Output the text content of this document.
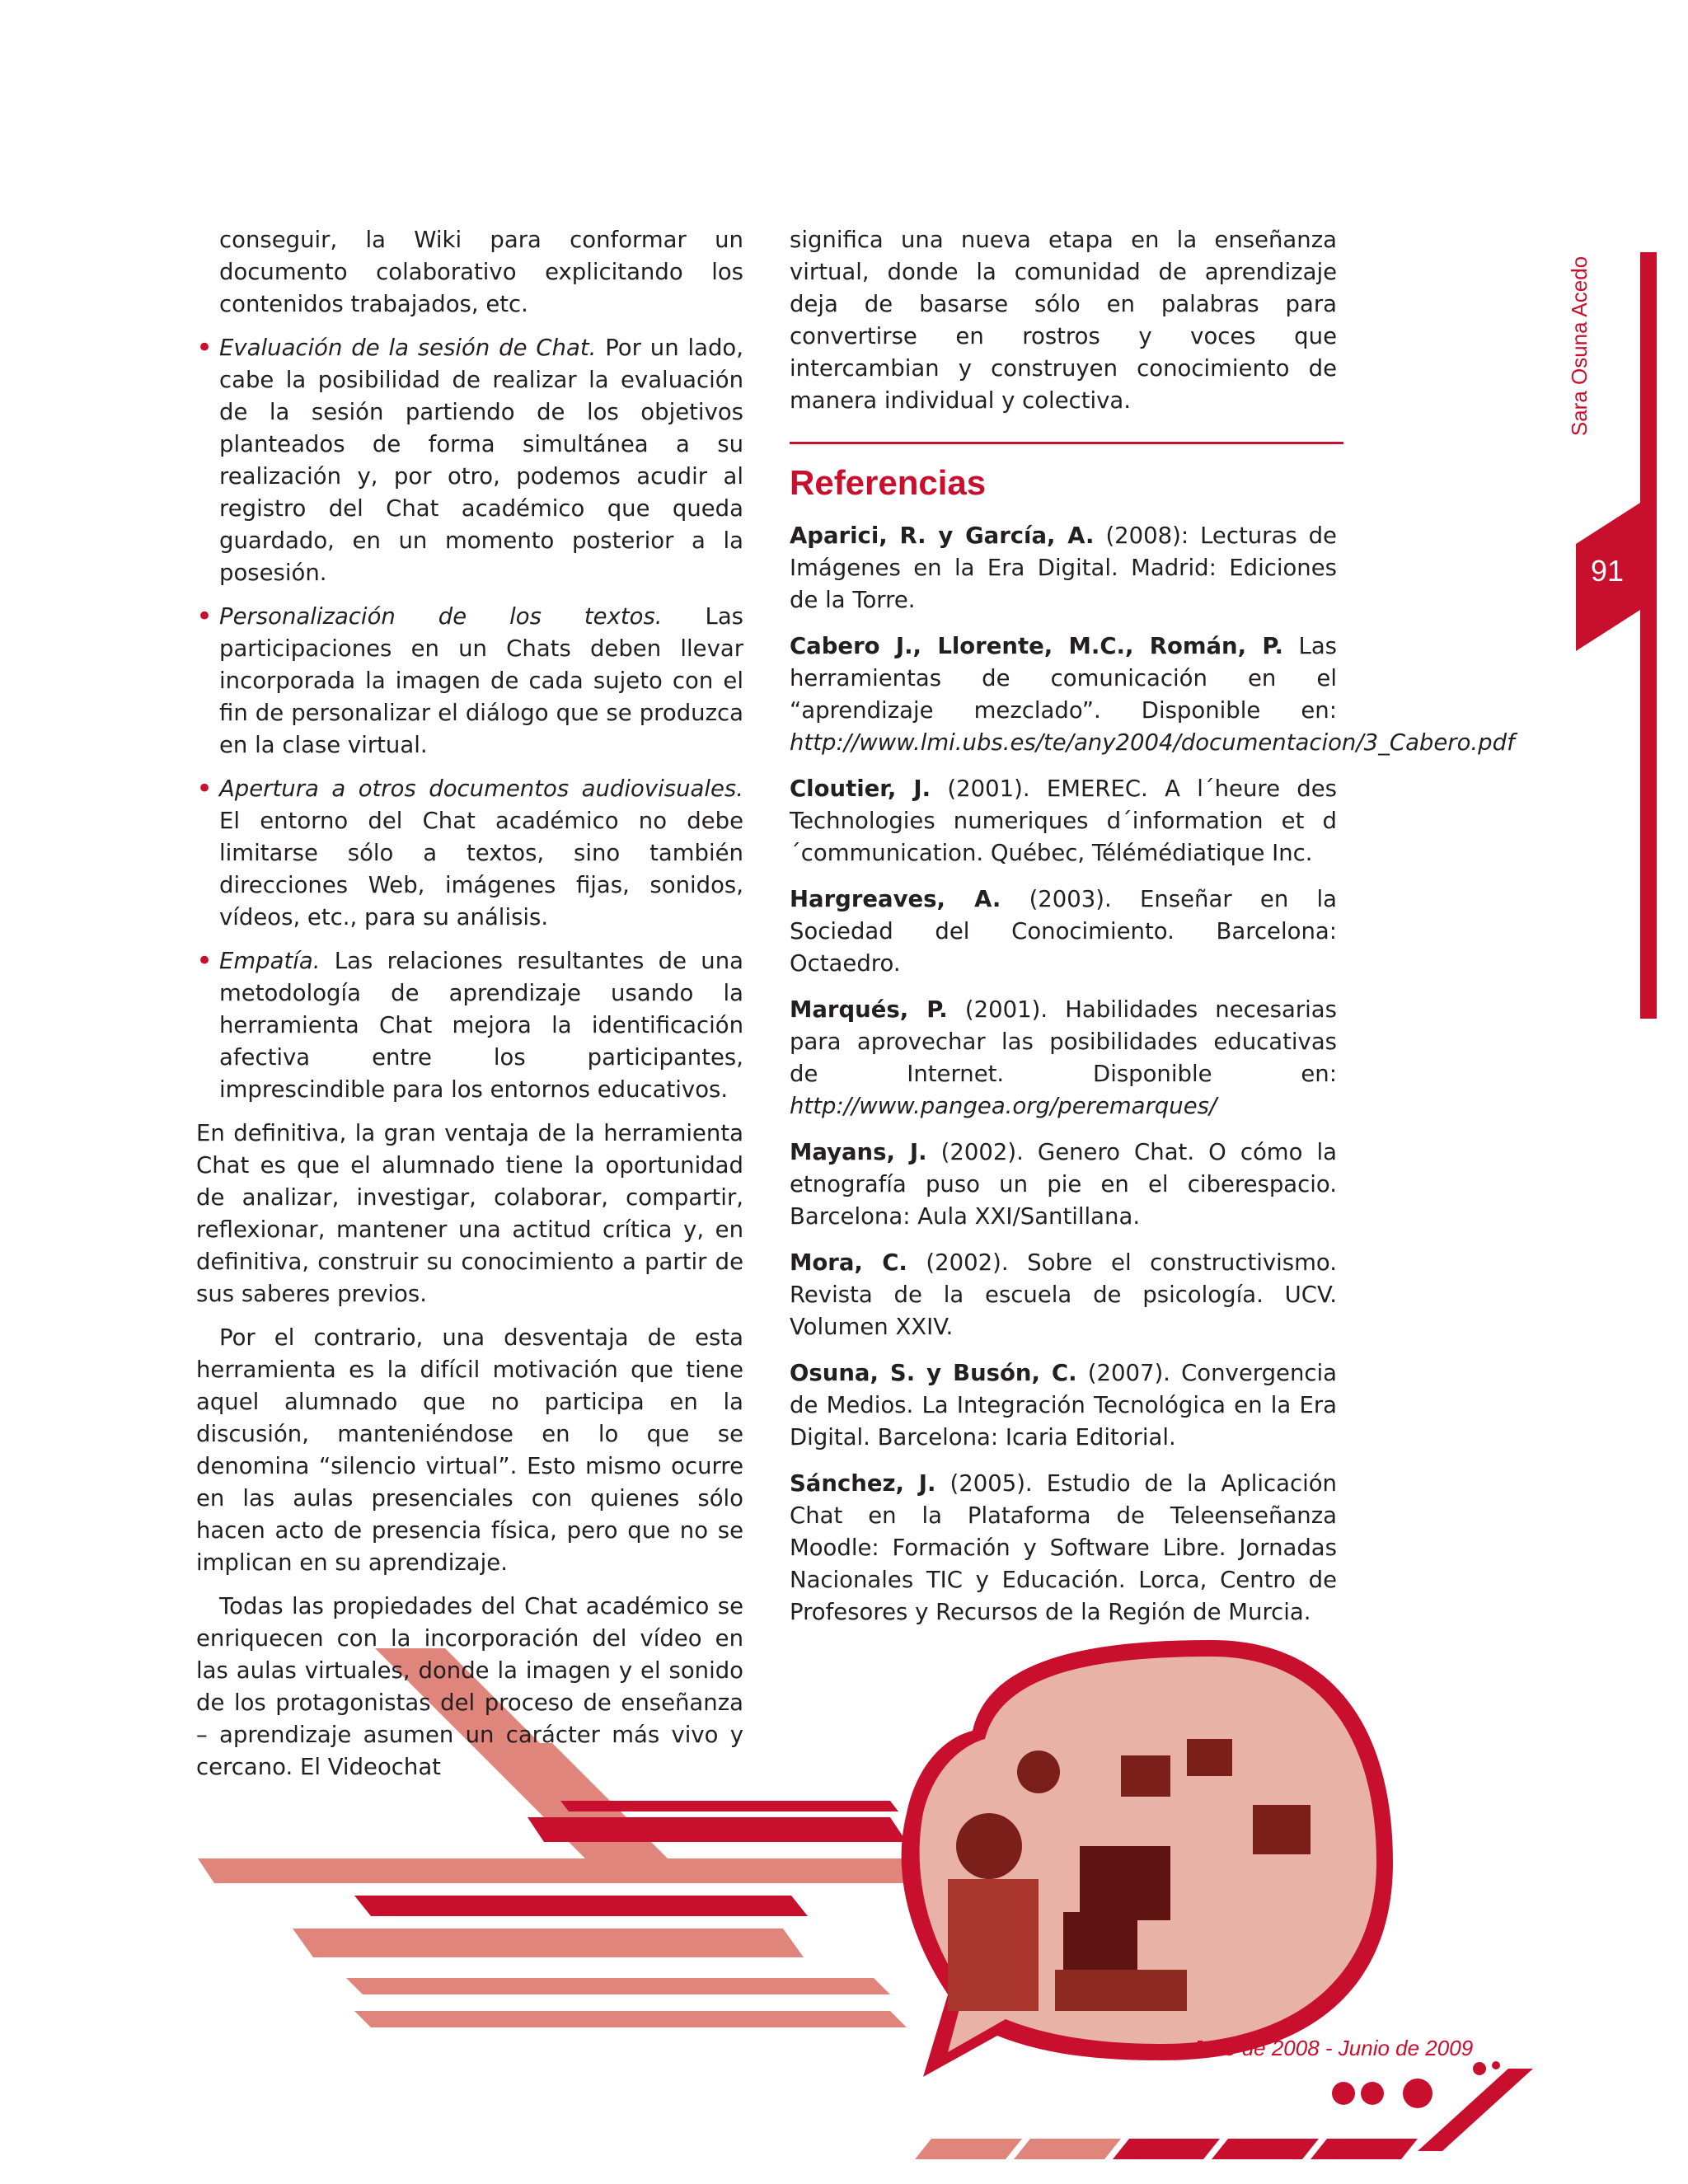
conseguir, la Wiki para conformar un documento colaborativo explicitando los contenidos trabajados, etc.

• Evaluación de la sesión de Chat. Por un lado, cabe la posibilidad de realizar la evaluación de la sesión partiendo de los objetivos planteados de forma simultánea a su realización y, por otro, podemos acudir al registro del Chat académico que queda guardado, en un momento posterior a la posesión.
• Personalización de los textos. Las participaciones en un Chats deben llevar incorporada la imagen de cada sujeto con el fin de personalizar el diálogo que se produzca en la clase virtual.
• Apertura a otros documentos audiovisuales. El entorno del Chat académico no debe limitarse sólo a textos, sino también direcciones Web, imágenes fijas, sonidos, vídeos, etc., para su análisis.
• Empatía. Las relaciones resultantes de una metodología de aprendizaje usando la herramienta Chat mejora la identificación afectiva entre los participantes, imprescindible para los entornos educativos.

En definitiva, la gran ventaja de la herramienta Chat es que el alumnado tiene la oportunidad de analizar, investigar, colaborar, compartir, reflexionar, mantener una actitud crítica y, en definitiva, construir su conocimiento a partir de sus saberes previos.

Por el contrario, una desventaja de esta herramienta es la difícil motivación que tiene aquel alumnado que no participa en la discusión, manteniéndose en lo que se denomina “silencio virtual”. Esto mismo ocurre en las aulas presenciales con quienes sólo hacen acto de presencia física, pero que no se implican en su aprendizaje.

Todas las propiedades del Chat académico se enriquecen con la incorporación del vídeo en las aulas virtuales, donde la imagen y el sonido de los protagonistas del proceso de enseñanza – aprendizaje asumen un carácter más vivo y cercano. El Videochat

significa una nueva etapa en la enseñanza virtual, donde la comunidad de aprendizaje deja de basarse sólo en palabras para convertirse en rostros y voces que intercambian y construyen conocimiento de manera individual y colectiva.

Referencias

Aparici, R. y García, A. (2008): Lecturas de Imágenes en la Era Digital. Madrid: Ediciones de la Torre.

Cabero J., Llorente, M.C., Román, P. Las herramientas de comunicación en el “aprendizaje mezclado”. Disponible en: http://www.lmi.ubs.es/te/any2004/documentacion/3_Cabero.pdf

Cloutier, J. (2001). EMEREC. A l´heure des Technologies numeriques d´information et d´communication. Québec, Télémédiatique Inc.

Hargreaves, A. (2003). Enseñar en la Sociedad del Conocimiento. Barcelona: Octaedro.

Marqués, P. (2001). Habilidades necesarias para aprovechar las posibilidades educativas de Internet. Disponible en: http://www.pangea.org/peremarques/

Mayans, J. (2002). Genero Chat. O cómo la etnografía puso un pie en el ciberespacio. Barcelona: Aula XXI/Santillana.

Mora, C. (2002). Sobre el constructivismo. Revista de la escuela de psicología. UCV. Volumen XXIV.

Osuna, S. y Busón, C. (2007). Convergencia de Medios. La Integración Tecnológica en la Era Digital. Barcelona: Icaria Editorial.

Sánchez, J. (2005). Estudio de la Aplicación Chat en la Plataforma de Teleenseñanza Moodle: Formación y Software Libre. Jornadas Nacionales TIC y Educación. Lorca, Centro de Profesores y Recursos de la Región de Murcia.

Sara Osuna Acedo
91
Julio de 2008 - Junio de 2009
